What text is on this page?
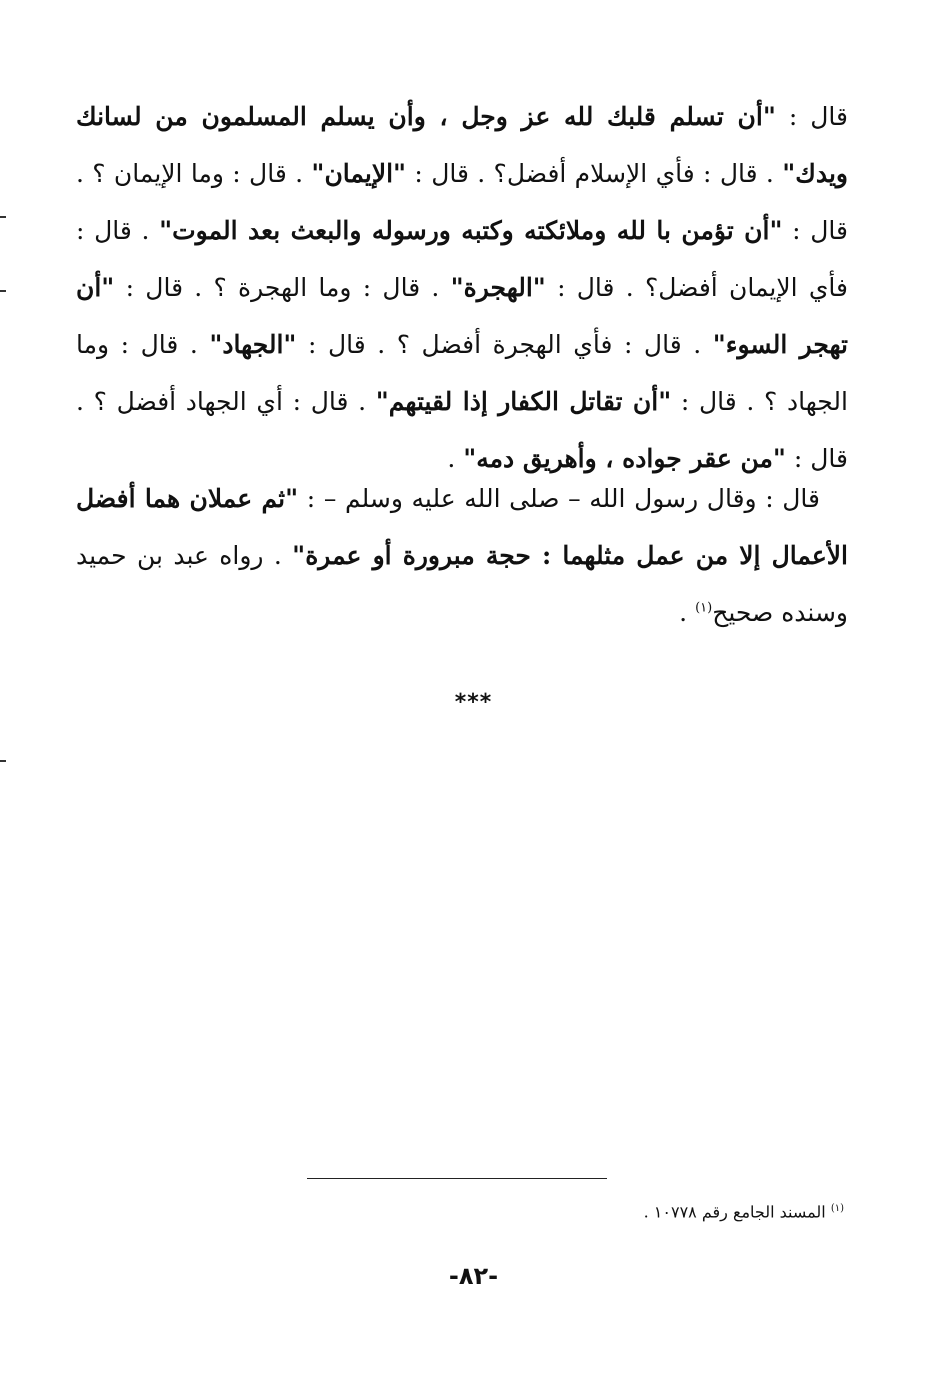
قال : "أن تسلم قلبك لله عز وجل ، وأن يسلم المسلمون من لسانك ويدك" . قال : فأي الإسلام أفضل؟ . قال : "الإيمان" . قال : وما الإيمان ؟ . قال : "أن تؤمن با لله وملائكته وكتبه ورسوله والبعث بعد الموت" . قال : فأي الإيمان أفضل؟ . قال : "الهجرة" . قال : وما الهجرة ؟ . قال : "أن تهجر السوء" . قال : فأي الهجرة أفضل ؟ . قال : "الجهاد" . قال : وما الجهاد ؟ . قال : "أن تقاتل الكفار إذا لقيتهم" . قال : أي الجهاد أفضل ؟ . قال : "من عقر جواده ، وأهريق دمه" .
قال : وقال رسول الله – صلى الله عليه وسلم – : "ثم عملان هما أفضل الأعمال إلا من عمل مثلهما : حجة مبرورة أو عمرة" . رواه عبد بن حميد وسنده صحيح$^{(١)}$ .
***
$^{(١)}$ المسند الجامع رقم ١٠٧٧٨ .
-٨٢-
